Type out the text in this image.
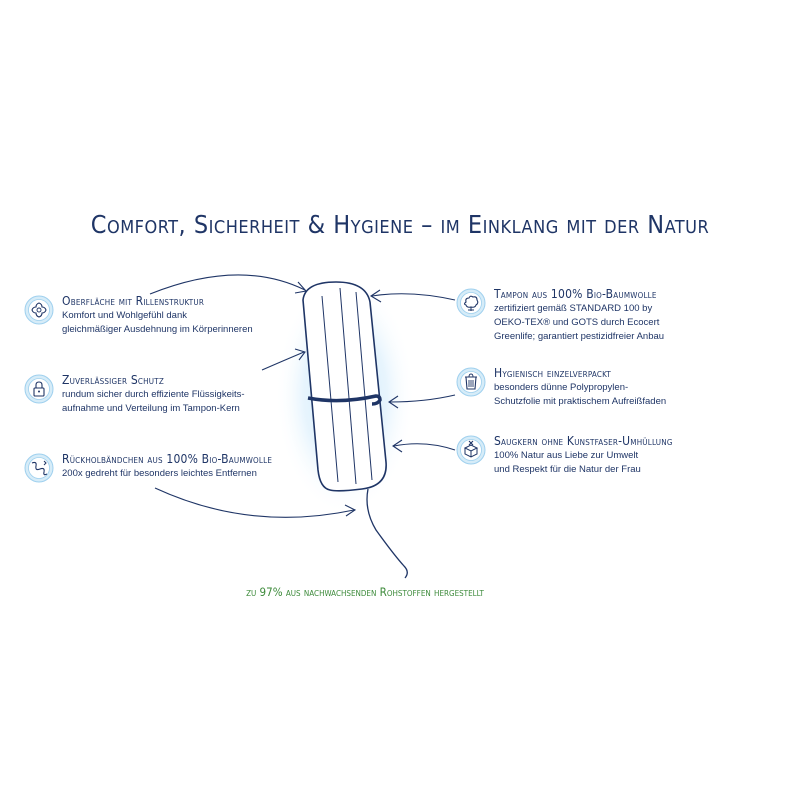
Comfort, Sicherheit & Hygiene – im Einklang mit der Natur
Oberfläche mit Rillenstruktur
Komfort und Wohlgefühl dank
gleichmäßiger Ausdehnung im Körperinneren
Zuverlässiger Schutz
rundum sicher durch effiziente Flüssigkeits-
aufnahme und Verteilung im Tampon-Kern
Rückholbändchen aus 100% Bio-Baumwolle
200x gedreht für besonders leichtes Entfernen
Tampon aus 100% Bio-Baumwolle
zertifiziert gemäß STANDARD 100 by
OEKO-TEX® und GOTS durch Ecocert
Greenlife; garantiert pestizidfreier Anbau
Hygienisch einzelverpackt
besonders dünne Polypropylen-
Schutzfolie mit praktischem Aufreißfaden
Saugkern ohne Kunstfaser-Umhüllung
100% Natur aus Liebe zur Umwelt
und Respekt für die Natur der Frau
zu 97% aus nachwachsenden Rohstoffen hergestellt
